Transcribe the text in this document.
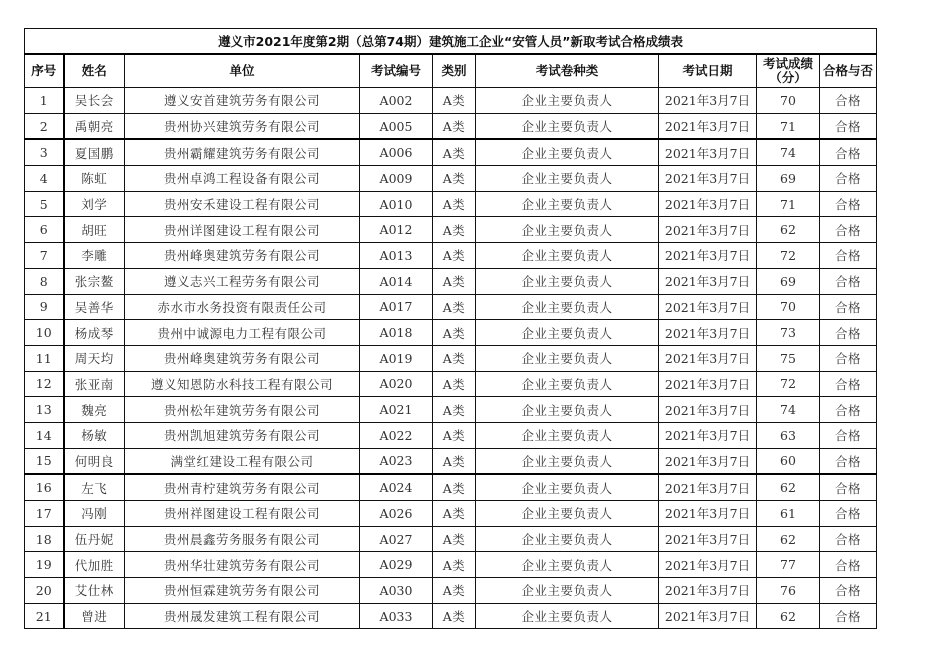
遵义市2021年度第2期（总第74期）建筑施工企业“安管人员”新取考试合格成绩表								
序号	姓名	单位	考试编号	类别	考试卷种类	考试日期	考试成绩（分）	合格与否
1	吴长会	遵义安首建筑劳务有限公司	A002	A类	企业主要负责人	2021年3月7日	70	合格
2	禹朝亮	贵州协兴建筑劳务有限公司	A005	A类	企业主要负责人	2021年3月7日	71	合格
3	夏国鹏	贵州霸耀建筑劳务有限公司	A006	A类	企业主要负责人	2021年3月7日	74	合格
4	陈虹	贵州卓鸿工程设备有限公司	A009	A类	企业主要负责人	2021年3月7日	69	合格
5	刘学	贵州安禾建设工程有限公司	A010	A类	企业主要负责人	2021年3月7日	71	合格
6	胡旺	贵州详图建设工程有限公司	A012	A类	企业主要负责人	2021年3月7日	62	合格
7	李雕	贵州峰奥建筑劳务有限公司	A013	A类	企业主要负责人	2021年3月7日	72	合格
8	张宗鳌	遵义志兴工程劳务有限公司	A014	A类	企业主要负责人	2021年3月7日	69	合格
9	吴善华	赤水市水务投资有限责任公司	A017	A类	企业主要负责人	2021年3月7日	70	合格
10	杨成琴	贵州中诚源电力工程有限公司	A018	A类	企业主要负责人	2021年3月7日	73	合格
11	周天均	贵州峰奥建筑劳务有限公司	A019	A类	企业主要负责人	2021年3月7日	75	合格
12	张亚南	遵义知恩防水科技工程有限公司	A020	A类	企业主要负责人	2021年3月7日	72	合格
13	魏亮	贵州松年建筑劳务有限公司	A021	A类	企业主要负责人	2021年3月7日	74	合格
14	杨敏	贵州凯旭建筑劳务有限公司	A022	A类	企业主要负责人	2021年3月7日	63	合格
15	何明良	满堂红建设工程有限公司	A023	A类	企业主要负责人	2021年3月7日	60	合格
16	左飞	贵州青柠建筑劳务有限公司	A024	A类	企业主要负责人	2021年3月7日	62	合格
17	冯刚	贵州祥图建设工程有限公司	A026	A类	企业主要负责人	2021年3月7日	61	合格
18	伍丹妮	贵州晨鑫劳务服务有限公司	A027	A类	企业主要负责人	2021年3月7日	62	合格
19	代加胜	贵州华壮建筑劳务有限公司	A029	A类	企业主要负责人	2021年3月7日	77	合格
20	艾仕林	贵州恒霖建筑劳务有限公司	A030	A类	企业主要负责人	2021年3月7日	76	合格
21	曾进	贵州晟发建筑工程有限公司	A033	A类	企业主要负责人	2021年3月7日	62	合格
